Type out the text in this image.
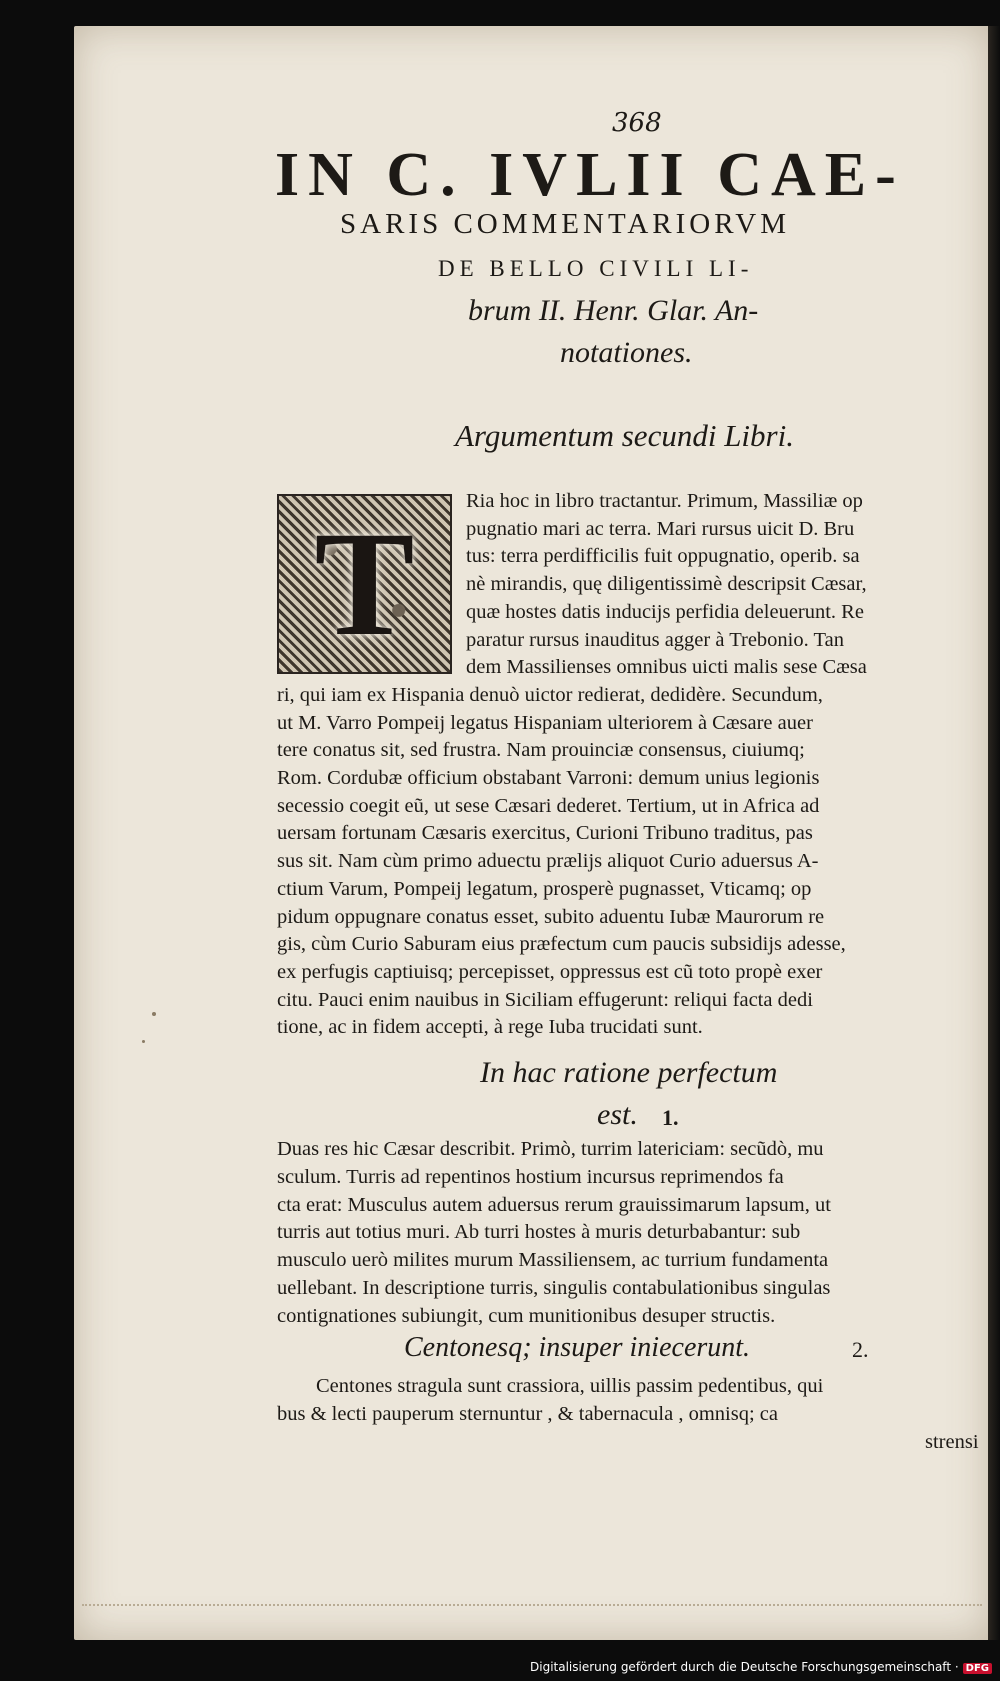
368
IN C. IVLII CAE-
SARIS COMMENTARIORVM
DE BELLO CIVILI LI-
brum II. Henr. Glar. An-
notationes.
Argumentum secundi Libri.
T	Ria hoc in libro tractantur. Primum, Massiliæ op
pugnatio mari ac terra. Mari rursus uicit D. Bru
tus: terra perdifficilis fuit oppugnatio, operib. sa
nè mirandis, quę diligentissimè descripsit Cæsar,
quæ hostes datis inducijs perfidia deleuerunt. Re
paratur rursus inauditus agger à Trebonio. Tan
dem Massilienses omnibus uicti malis sese Cæsa
ri, qui iam ex Hispania denuò uictor redierat, dedidère. Secundum,
ut M. Varro Pompeij legatus Hispaniam ulteriorem à Cæsare auer
tere conatus sit, sed frustra. Nam prouinciæ consensus, ciuiumq;
Rom. Cordubæ officium obstabant Varroni: demum unius legionis
secessio coegit eũ, ut sese Cæsari dederet. Tertium, ut in Africa ad
uersam fortunam Cæsaris exercitus, Curioni Tribuno traditus, pas
sus sit. Nam cùm primo aduectu prælijs aliquot Curio aduersus A-
ctium Varum, Pompeij legatum, prosperè pugnasset, Vticamq; op
pidum oppugnare conatus esset, subito aduentu Iubæ Maurorum re
gis, cùm Curio Saburam eius præfectum cum paucis subsidijs adesse,
ex perfugis captiuisq; percepisset, oppressus est cũ toto propè exer
citu. Pauci enim nauibus in Siciliam effugerunt: reliqui facta dedi
tione, ac in fidem accepti, à rege Iuba trucidati sunt.
In hac ratione perfectum
est. 1.
Duas res hic Cæsar describit. Primò, turrim latericiam: secũdò, mu
sculum. Turris ad repentinos hostium incursus reprimendos fa
cta erat: Musculus autem aduersus rerum grauissimarum lapsum, ut
turris aut totius muri. Ab turri hostes à muris deturbabantur: sub
musculo uerò milites murum Massiliensem, ac turrium fundamenta
uellebant. In descriptione turris, singulis contabulationibus singulas
contignationes subiungit, cum munitionibus desuper structis.
Centonesq; insuper iniecerunt.	2.
Centones stragula sunt crassiora, uillis passim pedentibus, qui
bus & lecti pauperum sternuntur , & tabernacula , omnisq; ca
strensi
Digitalisierung gefördert durch die Deutsche Forschungsgemeinschaft · DFG
